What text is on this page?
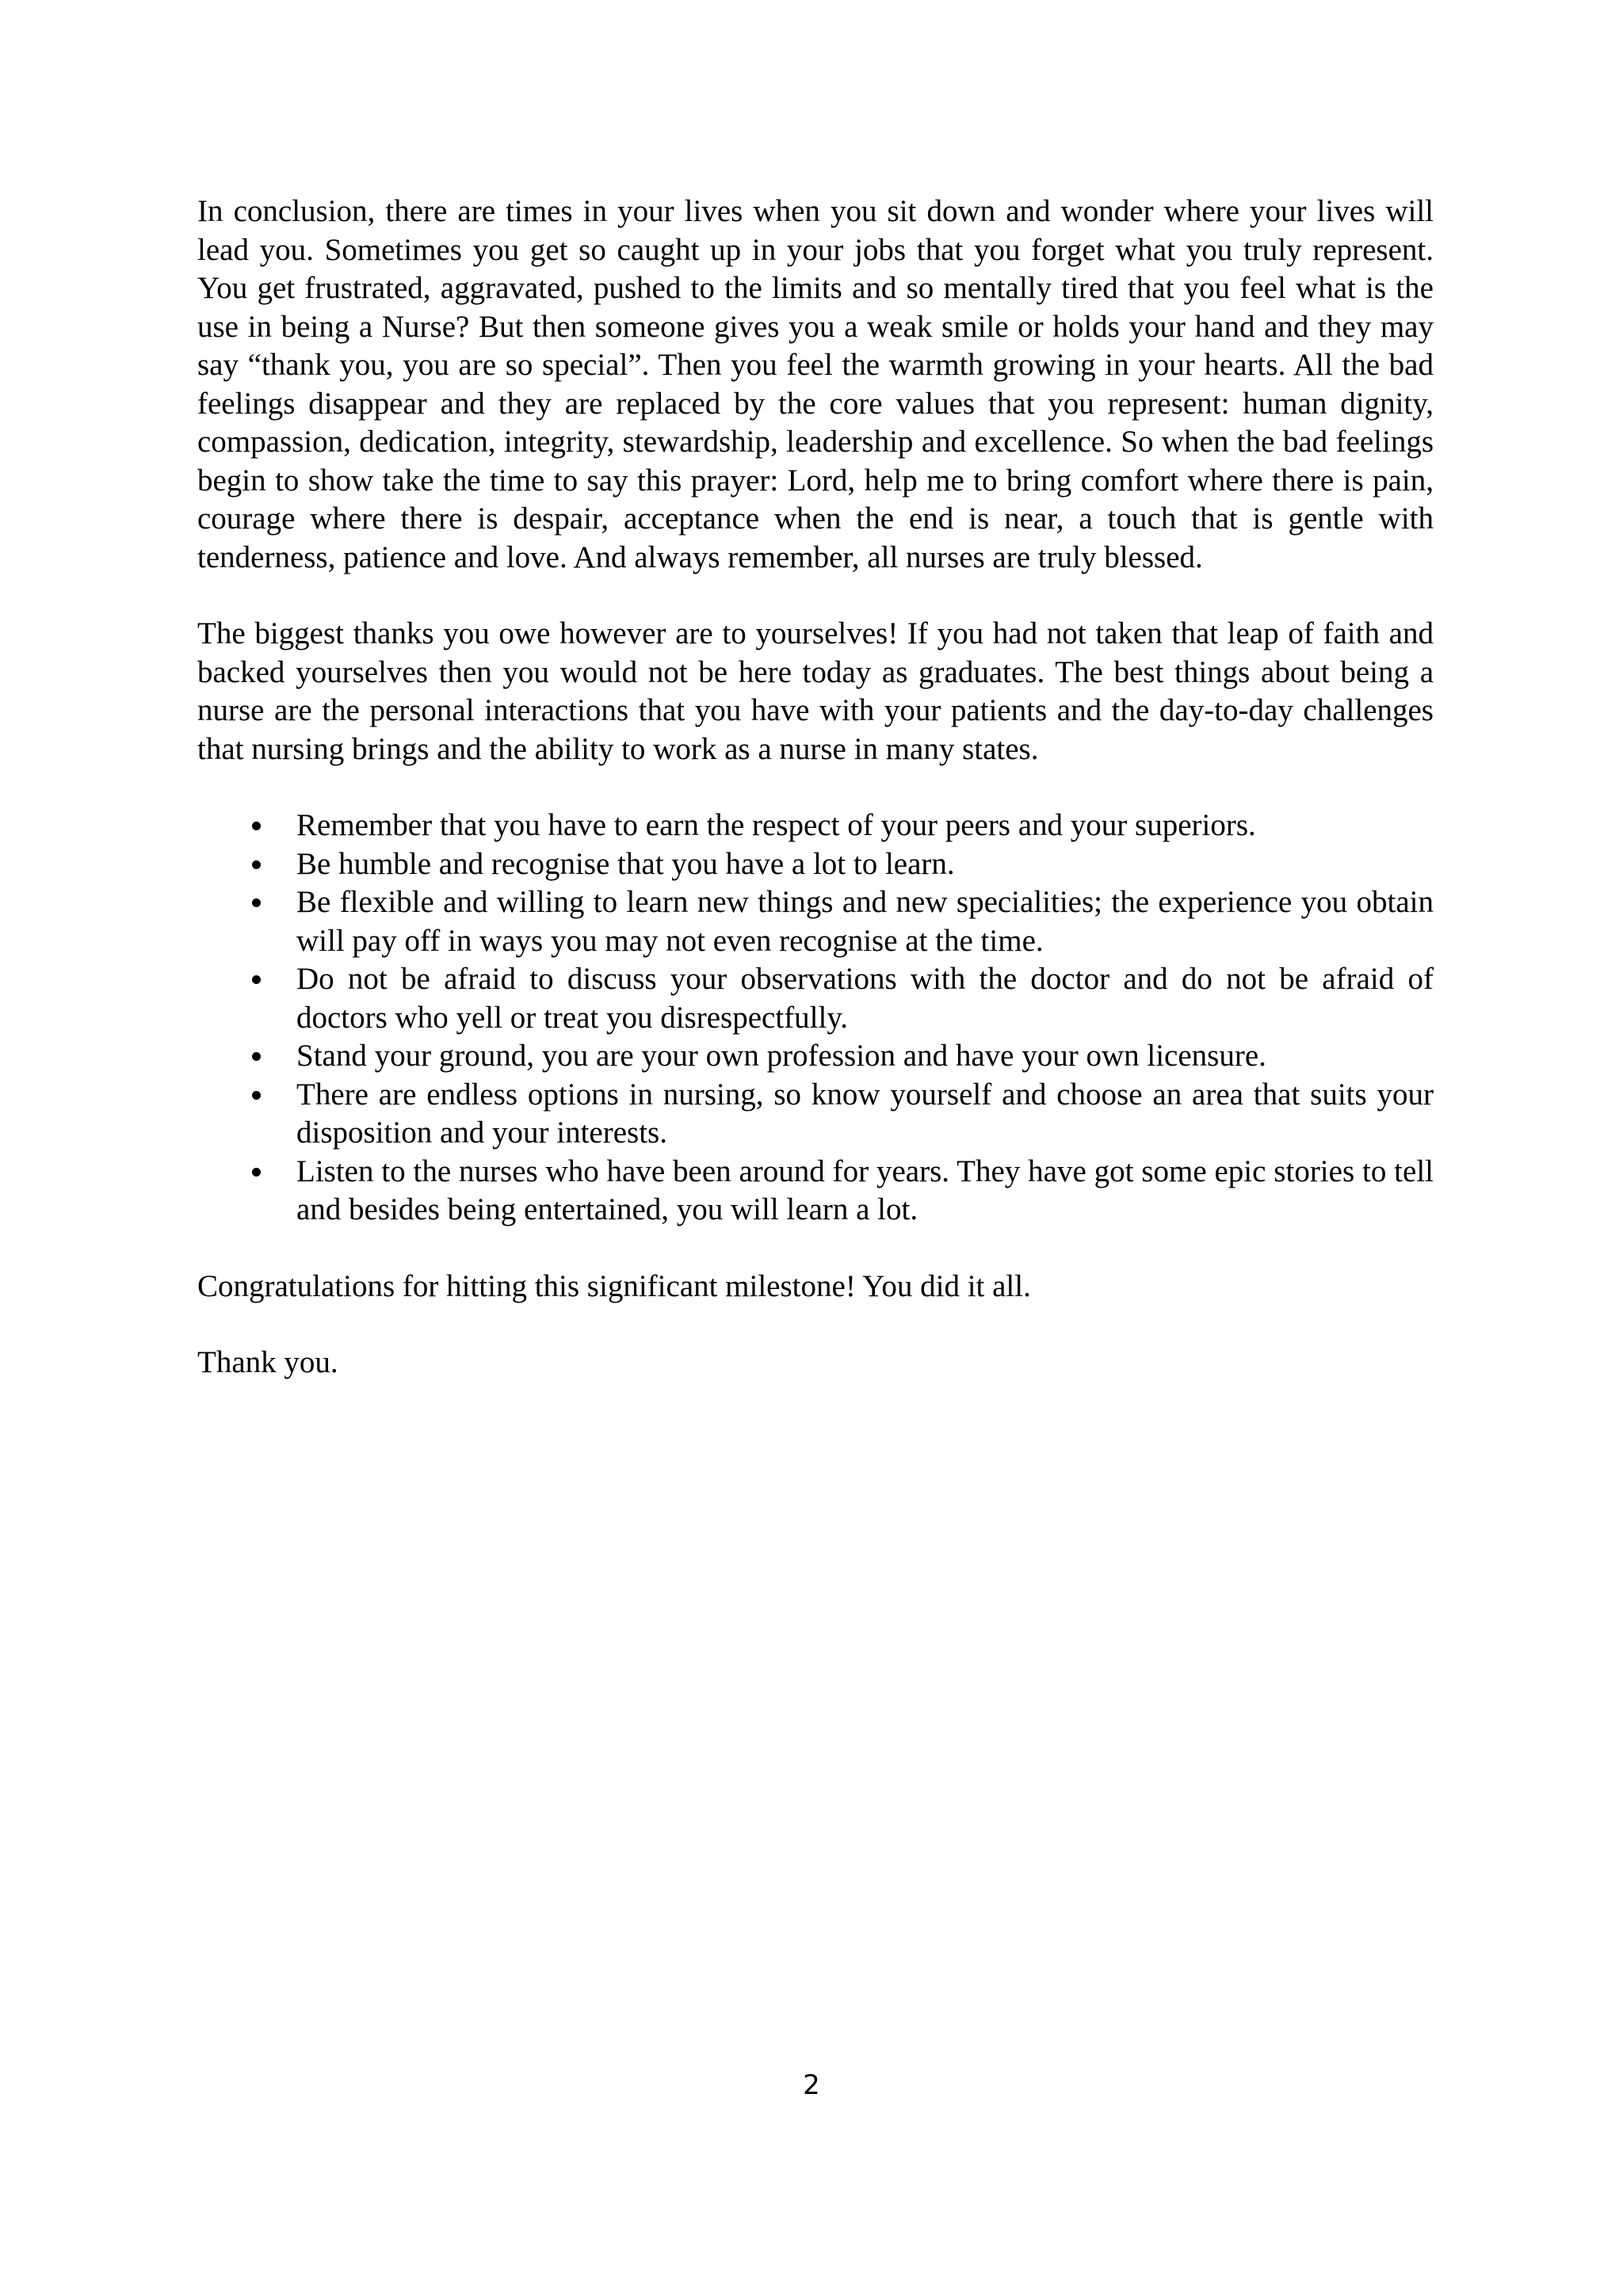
In conclusion, there are times in your lives when you sit down and wonder where your lives will lead you. Sometimes you get so caught up in your jobs that you forget what you truly represent. You get frustrated, aggravated, pushed to the limits and so mentally tired that you feel what is the use in being a Nurse? But then someone gives you a weak smile or holds your hand and they may say “thank you, you are so special”. Then you feel the warmth growing in your hearts. All the bad feelings disappear and they are replaced by the core values that you represent: human dignity, compassion, dedication, integrity, stewardship, leadership and excellence. So when the bad feelings begin to show take the time to say this prayer: Lord, help me to bring comfort where there is pain, courage where there is despair, acceptance when the end is near, a touch that is gentle with tenderness, patience and love. And always remember, all nurses are truly blessed.

The biggest thanks you owe however are to yourselves! If you had not taken that leap of faith and backed yourselves then you would not be here today as graduates. The best things about being a nurse are the personal interactions that you have with your patients and the day-to-day challenges that nursing brings and the ability to work as a nurse in many states.

Remember that you have to earn the respect of your peers and your superiors.
Be humble and recognise that you have a lot to learn.
Be flexible and willing to learn new things and new specialities; the experience you obtain will pay off in ways you may not even recognise at the time.
Do not be afraid to discuss your observations with the doctor and do not be afraid of doctors who yell or treat you disrespectfully.
Stand your ground, you are your own profession and have your own licensure.
There are endless options in nursing, so know yourself and choose an area that suits your disposition and your interests.
Listen to the nurses who have been around for years. They have got some epic stories to tell and besides being entertained, you will learn a lot.

Congratulations for hitting this significant milestone! You did it all.

Thank you.

2
